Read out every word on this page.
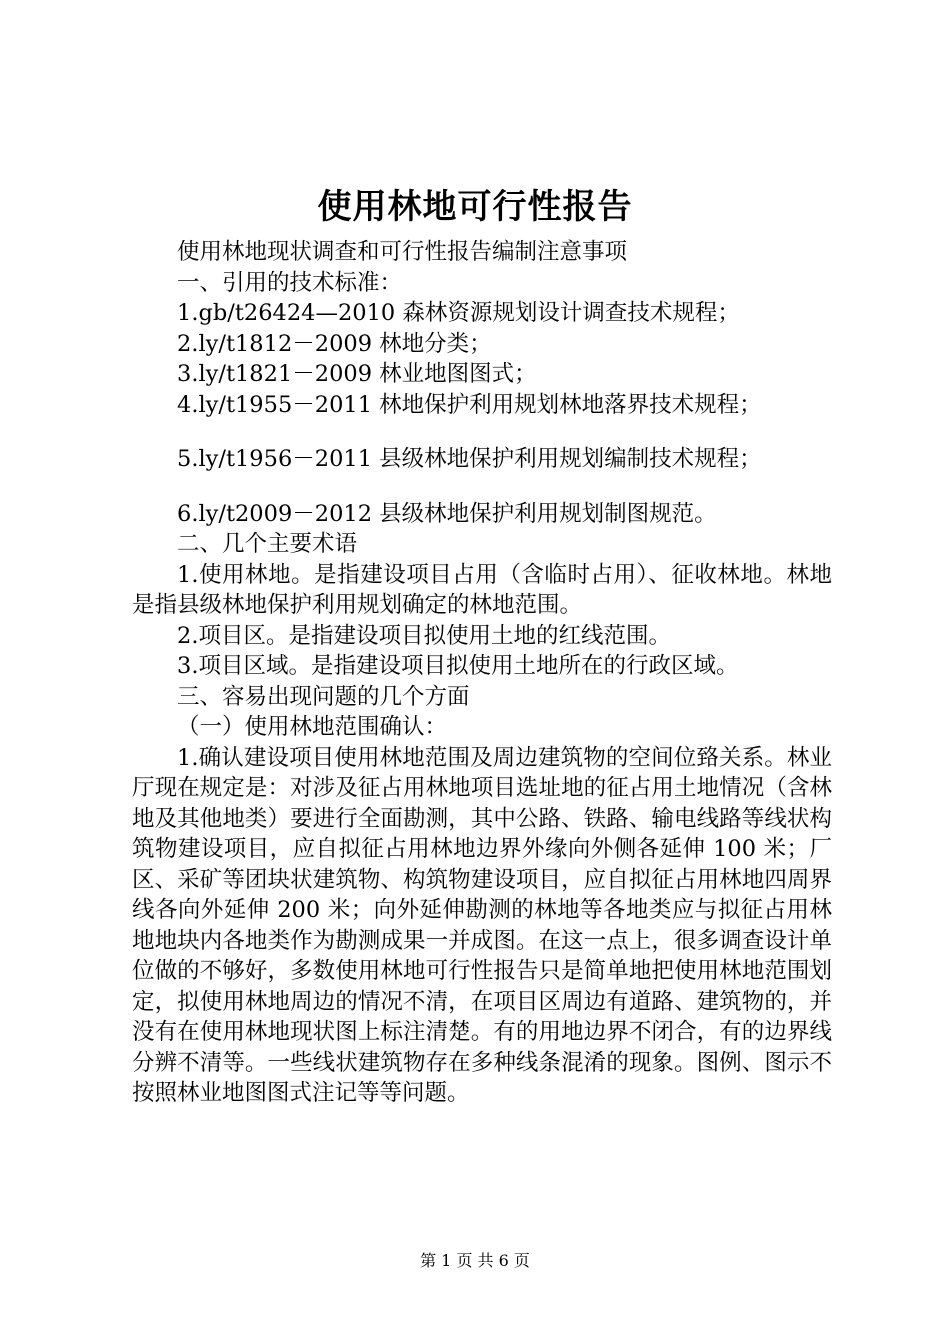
使用林地可行性报告

使用林地现状调查和可行性报告编制注意事项

一、引用的技术标准：

1.gb/t26424—2010 森林资源规划设计调查技术规程；

2.ly/t1812－2009 林地分类；

3.ly/t1821－2009 林业地图图式；

4.ly/t1955－2011 林地保护利用规划林地落界技术规程；

5.ly/t1956－2011 县级林地保护利用规划编制技术规程；

6.ly/t2009－2012 县级林地保护利用规划制图规范。

二、几个主要术语

1.使用林地。是指建设项目占用（含临时占用）、征收林地。林地是指县级林地保护利用规划确定的林地范围。

2.项目区。是指建设项目拟使用土地的红线范围。

3.项目区域。是指建设项目拟使用土地所在的行政区域。

三、容易出现问题的几个方面

（一）使用林地范围确认：

1.确认建设项目使用林地范围及周边建筑物的空间位臵关系。林业厅现在规定是：对涉及征占用林地项目选址地的征占用土地情况（含林地及其他地类）要进行全面勘测，其中公路、铁路、输电线路等线状构筑物建设项目，应自拟征占用林地边界外缘向外侧各延伸 100 米；厂区、采矿等团块状建筑物、构筑物建设项目，应自拟征占用林地四周界线各向外延伸 200 米；向外延伸勘测的林地等各地类应与拟征占用林地地块内各地类作为勘测成果一并成图。在这一点上，很多调查设计单位做的不够好，多数使用林地可行性报告只是简单地把使用林地范围划定，拟使用林地周边的情况不清，在项目区周边有道路、建筑物的，并没有在使用林地现状图上标注清楚。有的用地边界不闭合，有的边界线分辨不清等。一些线状建筑物存在多种线条混淆的现象。图例、图示不按照林业地图图式注记等等问题。

第 1 页 共 6 页
